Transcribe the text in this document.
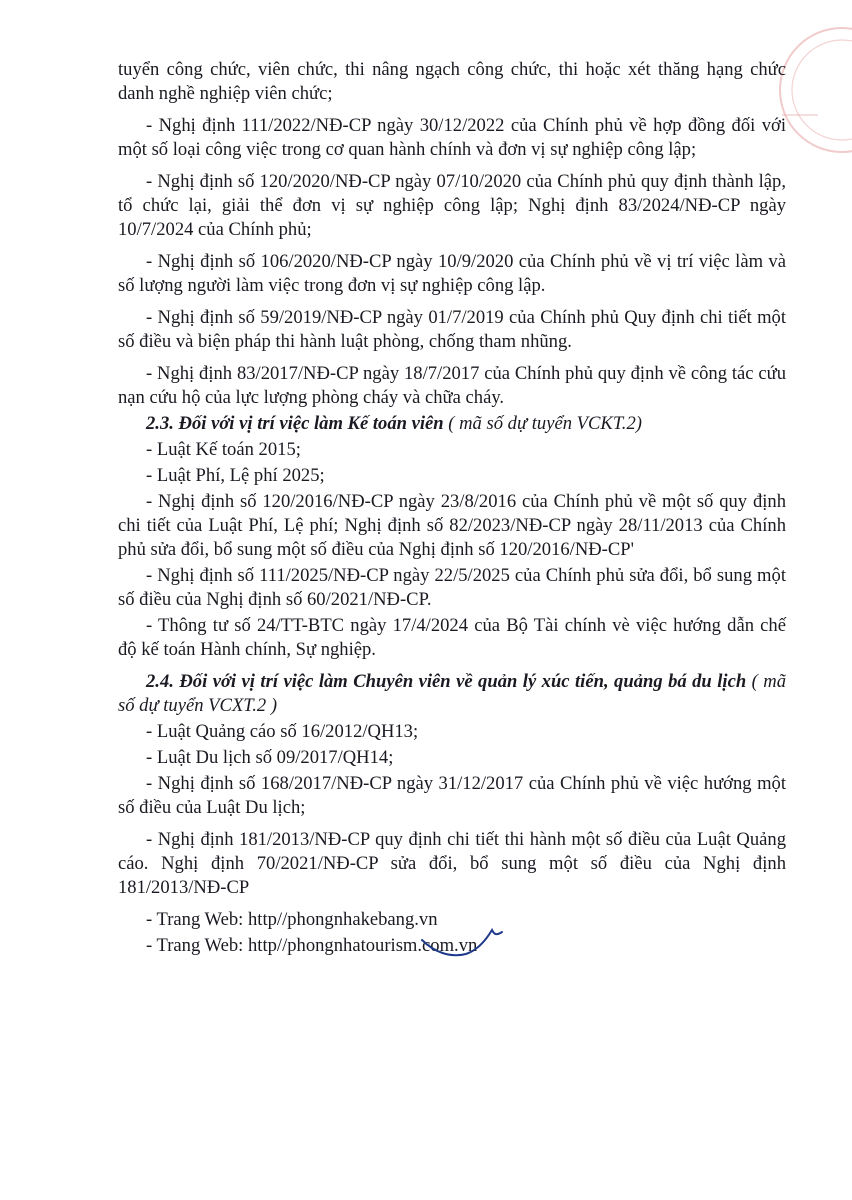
tuyển công chức, viên chức, thi nâng ngạch công chức, thi hoặc xét thăng hạng chức danh nghề nghiệp viên chức;

- Nghị định 111/2022/NĐ-CP ngày 30/12/2022 của Chính phủ về hợp đồng đối với một số loại công việc trong cơ quan hành chính và đơn vị sự nghiệp công lập;

- Nghị định số 120/2020/NĐ-CP ngày 07/10/2020 của Chính phủ quy định thành lập, tổ chức lại, giải thể đơn vị sự nghiệp công lập; Nghị định 83/2024/NĐ-CP ngày 10/7/2024 của Chính phủ;

- Nghị định số 106/2020/NĐ-CP ngày 10/9/2020 của Chính phủ về vị trí việc làm và số lượng người làm việc trong đơn vị sự nghiệp công lập.

- Nghị định số 59/2019/NĐ-CP ngày 01/7/2019 của Chính phủ Quy định chi tiết một số điều và biện pháp thi hành luật phòng, chống tham nhũng.

- Nghị định 83/2017/NĐ-CP ngày 18/7/2017 của Chính phủ quy định về công tác cứu nạn cứu hộ của lực lượng phòng cháy và chữa cháy.

2.3. Đối với vị trí việc làm Kế toán viên ( mã số dự tuyển VCKT.2)

- Luật Kế toán 2015;

- Luật Phí, Lệ phí 2025;

- Nghị định số 120/2016/NĐ-CP ngày 23/8/2016 của Chính phủ về một số quy định chi tiết của Luật Phí, Lệ phí; Nghị định số 82/2023/NĐ-CP ngày 28/11/2013 của Chính phủ sửa đổi, bổ sung một số điều của Nghị định số 120/2016/NĐ-CP'

- Nghị định số 111/2025/NĐ-CP ngày 22/5/2025 của Chính phủ sửa đổi, bổ sung một số điều của Nghị định số 60/2021/NĐ-CP.

- Thông tư số 24/TT-BTC ngày 17/4/2024 của Bộ Tài chính vè việc hướng dẫn chế độ kế toán Hành chính, Sự nghiệp.

2.4. Đối với vị trí việc làm Chuyên viên về quản lý xúc tiến, quảng bá du lịch ( mã số dự tuyển VCXT.2 )

- Luật Quảng cáo số 16/2012/QH13;

- Luật Du lịch số 09/2017/QH14;

- Nghị định số 168/2017/NĐ-CP ngày 31/12/2017 của Chính phủ về việc hướng một số điều của Luật Du lịch;

- Nghị định 181/2013/NĐ-CP quy định chi tiết thi hành một số điều của Luật Quảng cáo. Nghị định 70/2021/NĐ-CP sửa đổi, bổ sung một số điều của Nghị định 181/2013/NĐ-CP

- Trang Web: http//phongnhakebang.vn

- Trang Web: http//phongnhatourism.com.vn
